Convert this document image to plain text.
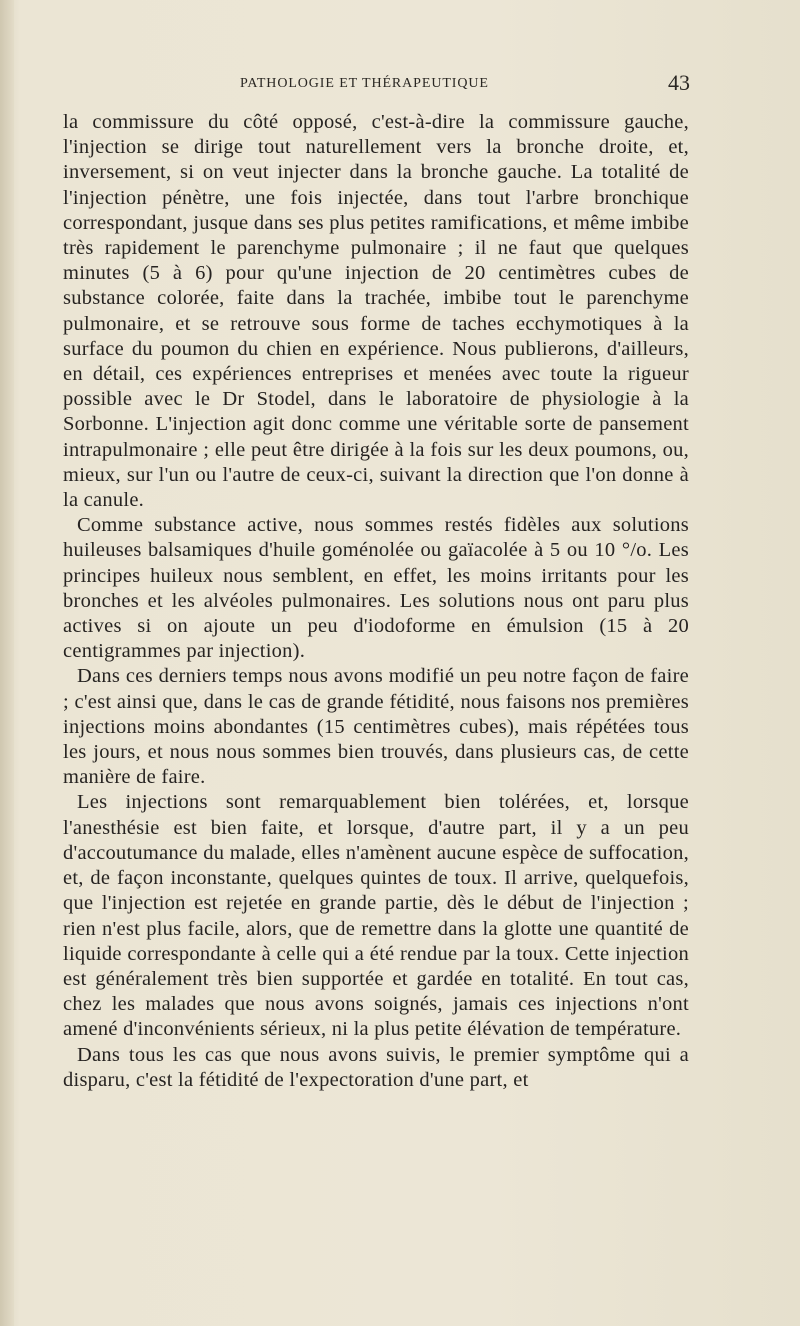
PATHOLOGIE ET THÉRAPEUTIQUE	43

la commissure du côté opposé, c'est-à-dire la commissure gauche, l'injection se dirige tout naturellement vers la bronche droite, et, inversement, si on veut injecter dans la bronche gauche. La totalité de l'injection pénètre, une fois injectée, dans tout l'arbre bronchique correspondant, jusque dans ses plus petites ramifications, et même imbibe très rapidement le parenchyme pulmonaire ; il ne faut que quelques minutes (5 à 6) pour qu'une injection de 20 centimètres cubes de substance colorée, faite dans la trachée, imbibe tout le parenchyme pulmonaire, et se retrouve sous forme de taches ecchymotiques à la surface du poumon du chien en expérience. Nous publierons, d'ailleurs, en détail, ces expériences entreprises et menées avec toute la rigueur possible avec le Dr Stodel, dans le laboratoire de physiologie à la Sorbonne. L'injection agit donc comme une véritable sorte de pansement intrapulmonaire ; elle peut être dirigée à la fois sur les deux poumons, ou, mieux, sur l'un ou l'autre de ceux-ci, suivant la direction que l'on donne à la canule.

Comme substance active, nous sommes restés fidèles aux solutions huileuses balsamiques d'huile goménolée ou gaïacolée à 5 ou 10 °/o. Les principes huileux nous semblent, en effet, les moins irritants pour les bronches et les alvéoles pulmonaires. Les solutions nous ont paru plus actives si on ajoute un peu d'iodoforme en émulsion (15 à 20 centigrammes par injection).

Dans ces derniers temps nous avons modifié un peu notre façon de faire ; c'est ainsi que, dans le cas de grande fétidité, nous faisons nos premières injections moins abondantes (15 centimètres cubes), mais répétées tous les jours, et nous nous sommes bien trouvés, dans plusieurs cas, de cette manière de faire.

Les injections sont remarquablement bien tolérées, et, lorsque l'anesthésie est bien faite, et lorsque, d'autre part, il y a un peu d'accoutumance du malade, elles n'amènent aucune espèce de suffocation, et, de façon inconstante, quelques quintes de toux. Il arrive, quelquefois, que l'injection est rejetée en grande partie, dès le début de l'injection ; rien n'est plus facile, alors, que de remettre dans la glotte une quantité de liquide correspondante à celle qui a été rendue par la toux. Cette injection est généralement très bien supportée et gardée en totalité. En tout cas, chez les malades que nous avons soignés, jamais ces injections n'ont amené d'inconvénients sérieux, ni la plus petite élévation de température.

Dans tous les cas que nous avons suivis, le premier symptôme qui a disparu, c'est la fétidité de l'expectoration d'une part, et
